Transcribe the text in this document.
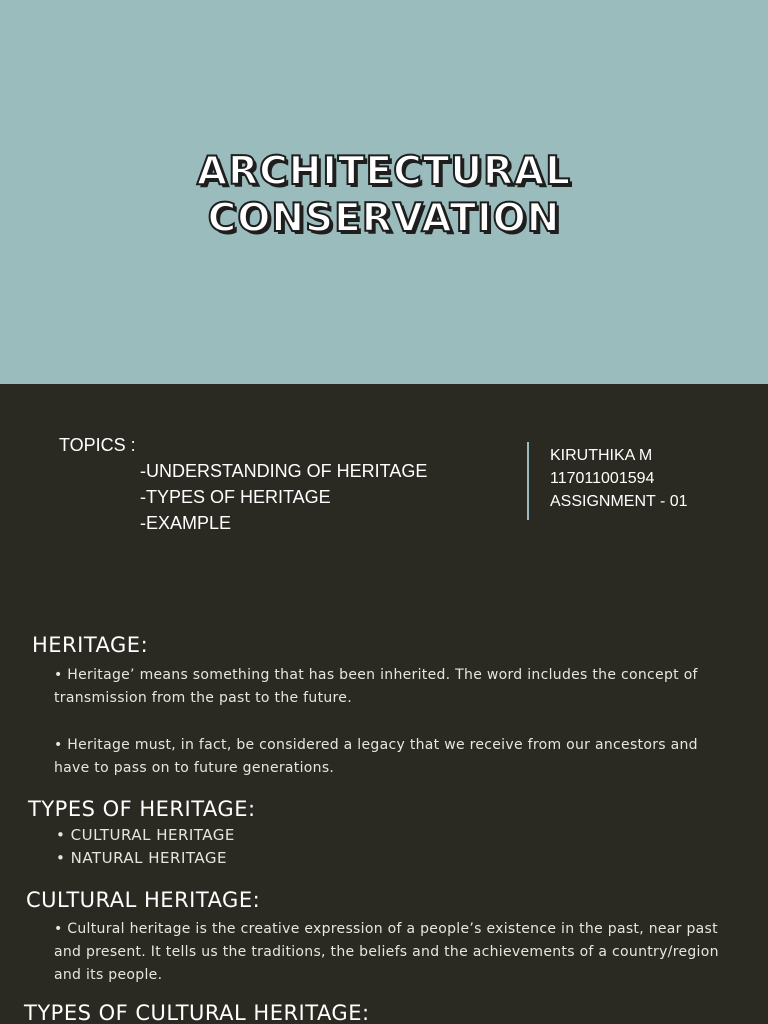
ARCHITECTURAL
CONSERVATION
TOPICS :
-UNDERSTANDING OF HERITAGE
-TYPES OF HERITAGE
-EXAMPLE
KIRUTHIKA M
117011001594
ASSIGNMENT - 01
HERITAGE:
• Heritage’ means something that has been inherited. The word includes the concept of transmission from the past to the future.
• Heritage must, in fact, be considered a legacy that we receive from our ancestors and have to pass on to future generations.
TYPES OF HERITAGE:
• CULTURAL HERITAGE
• NATURAL HERITAGE
CULTURAL HERITAGE:
• Cultural heritage is the creative expression of a people’s existence in the past, near past and present. It tells us the traditions, the beliefs and the achievements of a country/region and its people.
TYPES OF CULTURAL HERITAGE:
